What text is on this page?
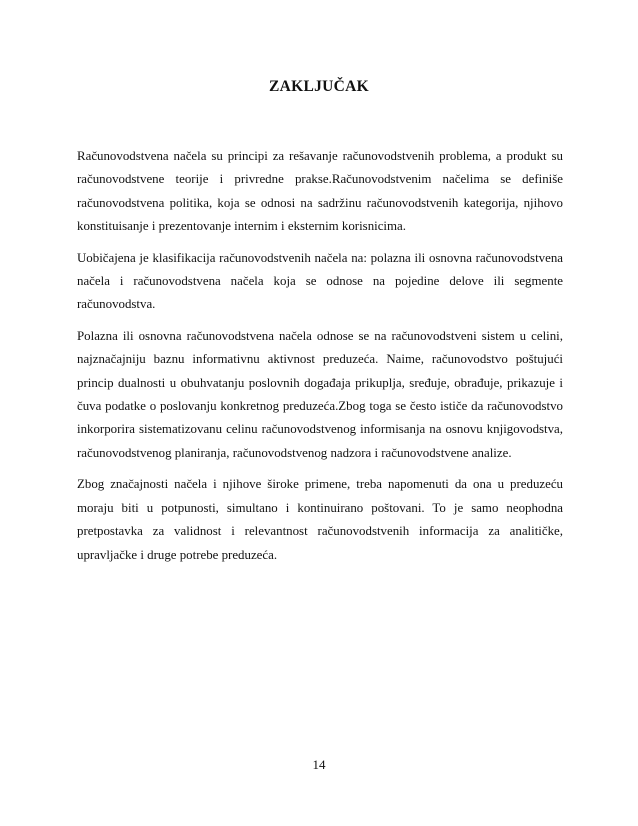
ZAKLJUČAK

Računovodstvena načela su principi za rešavanje računovodstvenih problema, a produkt su računovodstvene teorije i privredne prakse.Računovodstvenim načelima se definiše računovodstvena politika, koja se odnosi na sadržinu računovodstvenih kategorija, njihovo konstituisanje i prezentovanje internim i eksternim korisnicima.

Uobičajena je klasifikacija računovodstvenih načela na: polazna ili osnovna računovodstvena načela i računovodstvena načela koja se odnose na pojedine delove ili segmente računovodstva.

Polazna ili osnovna računovodstvena načela odnose se na računovodstveni sistem u celini, najznačajniju baznu informativnu aktivnost preduzeća. Naime, računovodstvo poštujući princip dualnosti u obuhvatanju poslovnih događaja prikuplja, sređuje, obrađuje, prikazuje i čuva podatke o poslovanju konkretnog preduzeća.Zbog toga se često ističe da računovodstvo inkorporira sistematizovanu celinu računovodstvenog informisanja na osnovu knjigovodstva, računovodstvenog planiranja, računovodstvenog nadzora i računovodstvene analize.

Zbog značajnosti načela i njihove široke primene, treba napomenuti da ona u preduzeću moraju biti u potpunosti, simultano i kontinuirano poštovani. To je samo neophodna pretpostavka za validnost i relevantnost računovodstvenih informacija za analitičke, upravljačke i druge potrebe preduzeća.

14
